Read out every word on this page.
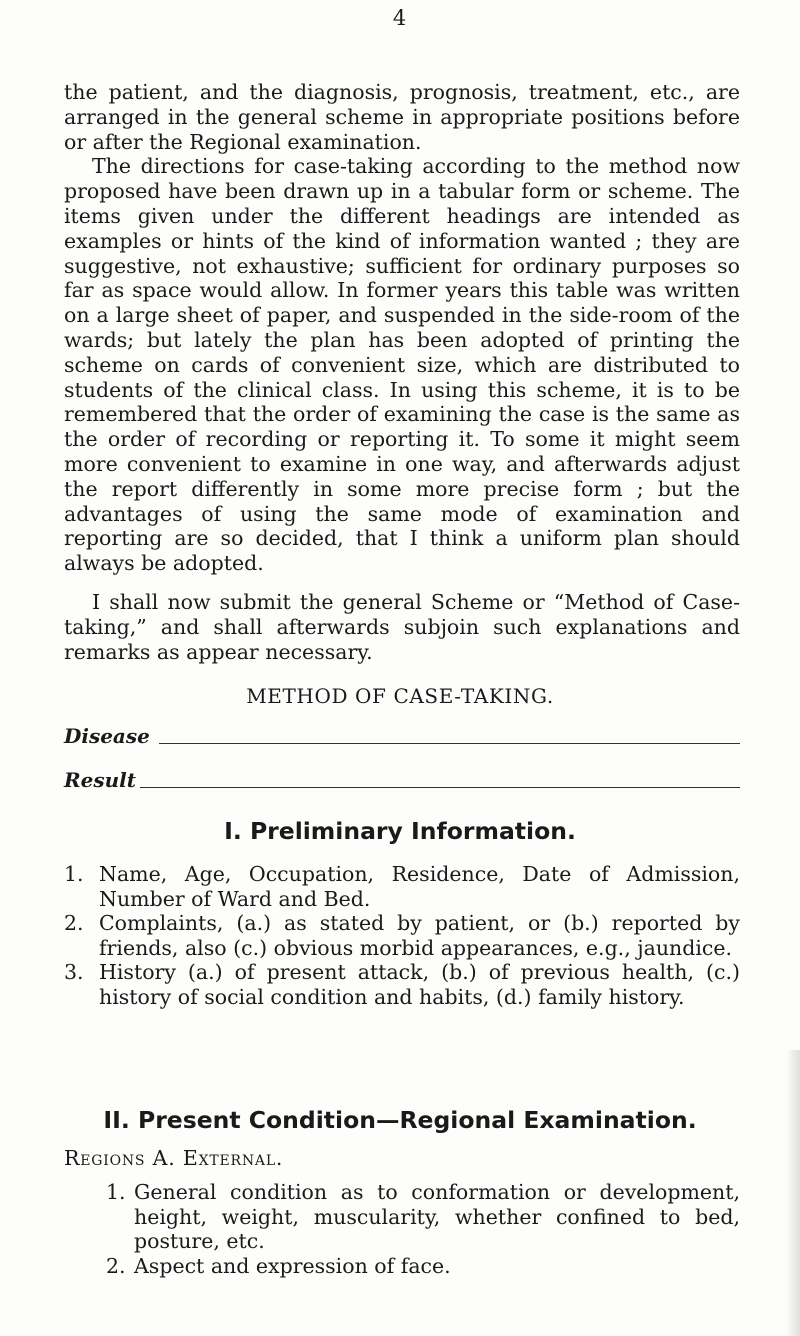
4

the patient, and the diagnosis, prognosis, treatment, etc., are arranged in the general scheme in appropriate positions before or after the Regional examination.

The directions for case-taking according to the method now proposed have been drawn up in a tabular form or scheme. The items given under the different headings are intended as examples or hints of the kind of information wanted ; they are suggestive, not exhaustive; sufficient for ordinary purposes so far as space would allow. In former years this table was written on a large sheet of paper, and suspended in the side-room of the wards; but lately the plan has been adopted of printing the scheme on cards of convenient size, which are distributed to students of the clinical class. In using this scheme, it is to be remembered that the order of examining the case is the same as the order of recording or reporting it. To some it might seem more convenient to examine in one way, and afterwards adjust the report differently in some more precise form ; but the advantages of using the same mode of examination and reporting are so decided, that I think a uniform plan should always be adopted.

I shall now submit the general Scheme or “Method of Case-taking,” and shall afterwards subjoin such explanations and remarks as appear necessary.

METHOD OF CASE-TAKING.
Disease
Result
I. Preliminary Information.
1. Name, Age, Occupation, Residence, Date of Admission, Number of Ward and Bed.
2. Complaints, (a.) as stated by patient, or (b.) reported by friends, also (c.) obvious morbid appearances, e.g., jaundice.
3. History (a.) of present attack, (b.) of previous health, (c.) history of social condition and habits, (d.) family history.
II. Present Condition—Regional Examination.
Regions A. External.
1. General condition as to conformation or development, height, weight, muscularity, whether confined to bed, posture, etc.
2. Aspect and expression of face.
